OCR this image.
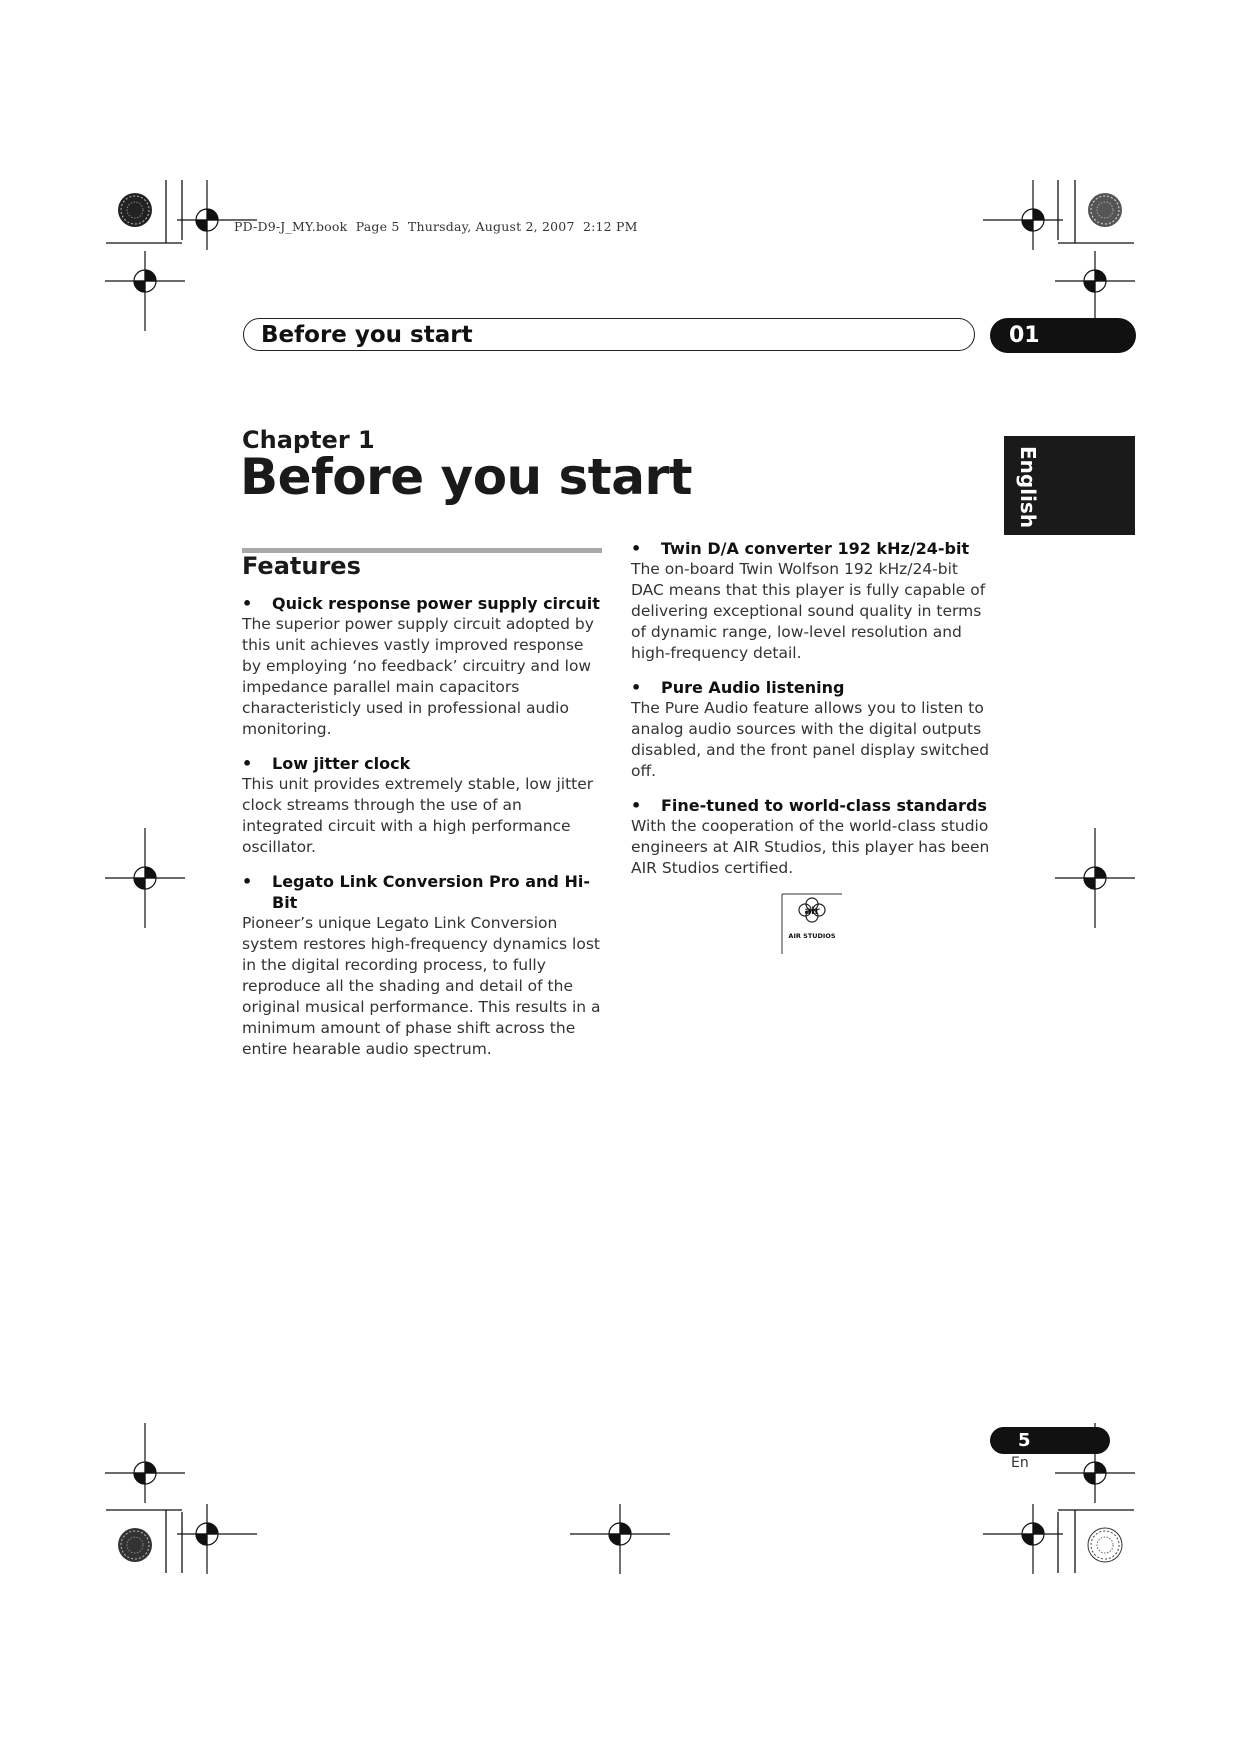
PD-D9-J_MY.book  Page 5  Thursday, August 2, 2007  2:12 PM
Before you start	01
English
Chapter 1
Before you start
Features
•	Quick response power supply circuit
The superior power supply circuit adopted by this unit achieves vastly improved response by employing ‘no feedback’ circuitry and low impedance parallel main capacitors characteristicly used in professional audio monitoring.
•	Low jitter clock
This unit provides extremely stable, low jitter clock streams through the use of an integrated circuit with a high performance oscillator.
•	Legato Link Conversion Pro and Hi-Bit
Pioneer’s unique Legato Link Conversion system restores high-frequency dynamics lost in the digital recording process, to fully reproduce all the shading and detail of the original musical performance. This results in a minimum amount of phase shift across the entire hearable audio spectrum.
•	Twin D/A converter 192 kHz/24-bit
The on-board Twin Wolfson 192 kHz/24-bit DAC means that this player is fully capable of delivering exceptional sound quality in terms of dynamic range, low-level resolution and high-frequency detail.
•	Pure Audio listening
The Pure Audio feature allows you to listen to analog audio sources with the digital outputs disabled, and the front panel display switched off.
•	Fine-tuned to world-class standards
With the cooperation of the world-class studio engineers at AIR Studios, this player has been AIR Studios certified.
air
AIR STUDIOS
5
En
